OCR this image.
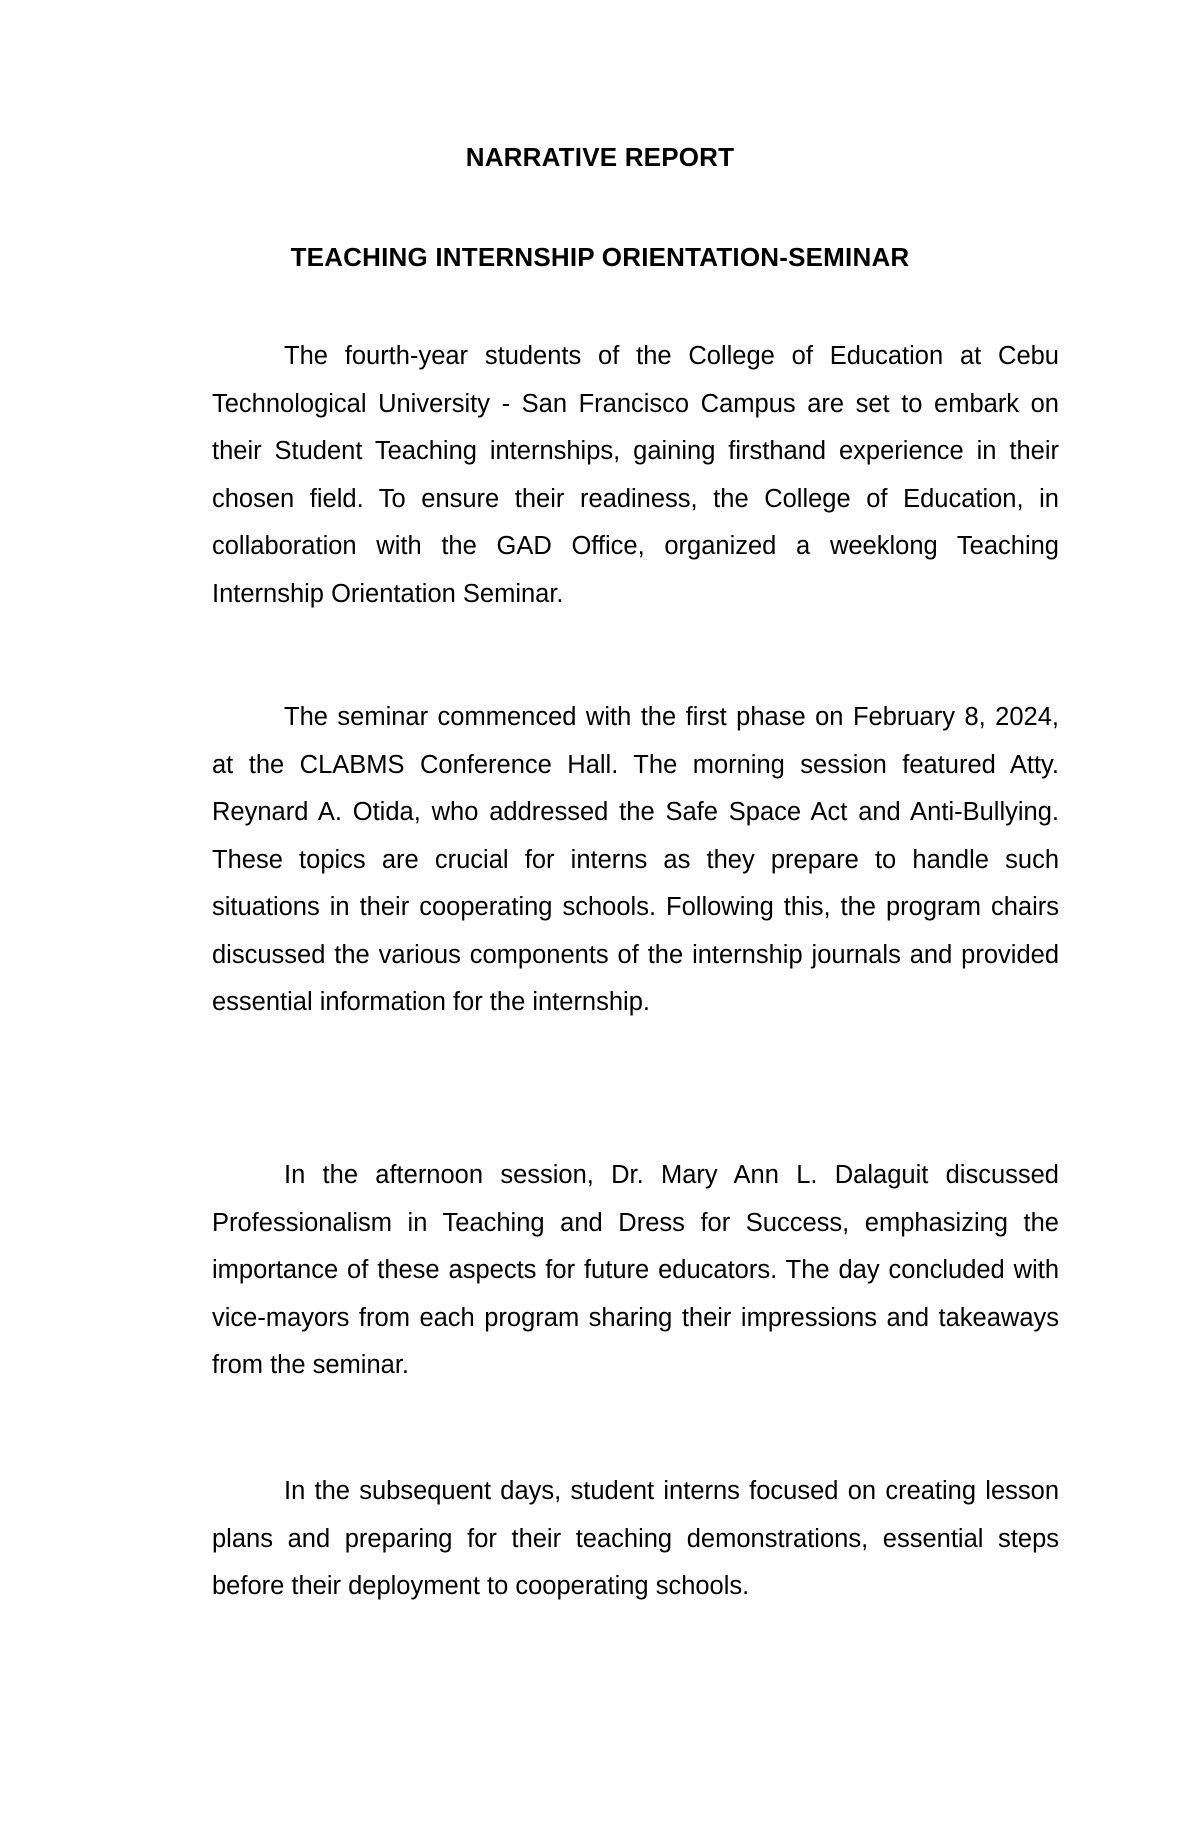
NARRATIVE REPORT
TEACHING INTERNSHIP ORIENTATION-SEMINAR

The fourth-year students of the College of Education at Cebu Technological University - San Francisco Campus are set to embark on their Student Teaching internships, gaining firsthand experience in their chosen field. To ensure their readiness, the College of Education, in collaboration with the GAD Office, organized a weeklong Teaching Internship Orientation Seminar.

The seminar commenced with the first phase on February 8, 2024, at the CLABMS Conference Hall. The morning session featured Atty. Reynard A. Otida, who addressed the Safe Space Act and Anti-Bullying. These topics are crucial for interns as they prepare to handle such situations in their cooperating schools. Following this, the program chairs discussed the various components of the internship journals and provided essential information for the internship.

In the afternoon session, Dr. Mary Ann L. Dalaguit discussed Professionalism in Teaching and Dress for Success, emphasizing the importance of these aspects for future educators. The day concluded with vice-mayors from each program sharing their impressions and takeaways from the seminar.

In the subsequent days, student interns focused on creating lesson plans and preparing for their teaching demonstrations, essential steps before their deployment to cooperating schools.
